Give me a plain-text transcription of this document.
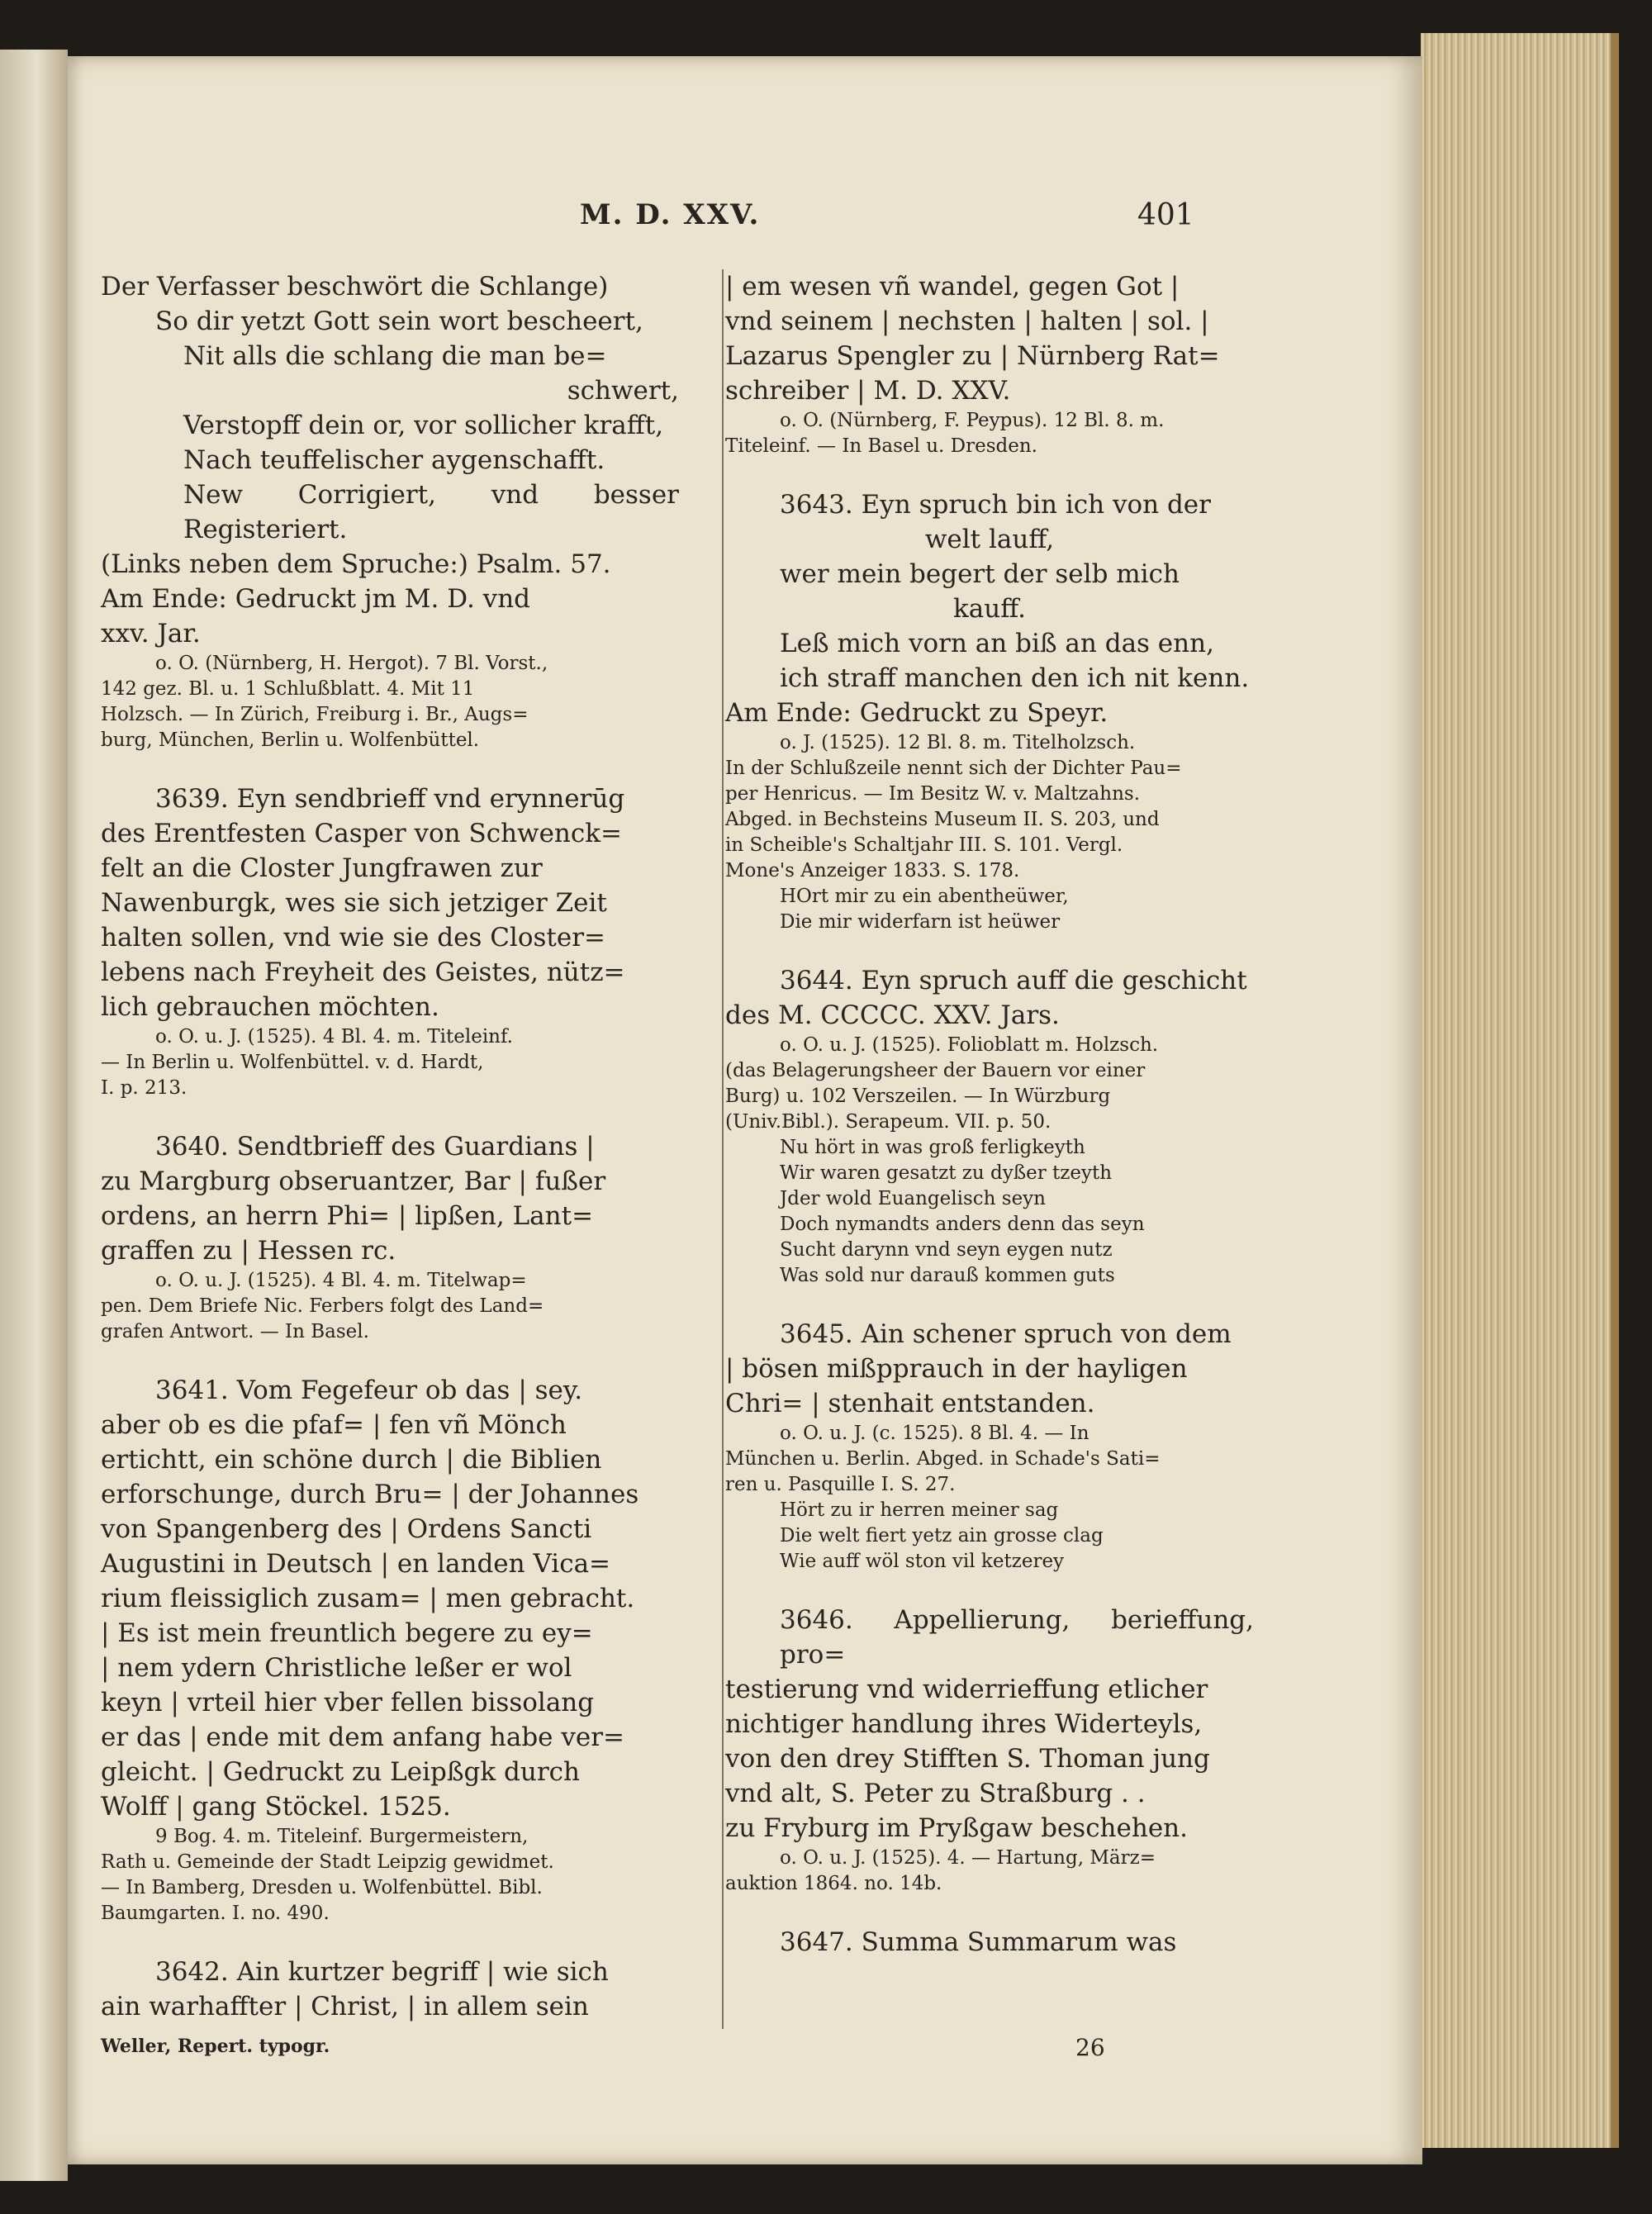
M. D. XXV.	401
Der Verfasser beschwört die Schlange)
So dir yetzt Gott sein wort bescheert,
Nit alls die schlang die man be=
schwert,
Verstopff dein or, vor sollicher krafft,
Nach teuffelischer aygenschafft.
New Corrigiert, vnd besser Registeriert.
(Links neben dem Spruche:) Psalm. 57.
Am Ende: Gedruckt jm M. D. vnd
xxv. Jar.
o. O. (Nürnberg, H. Hergot). 7 Bl. Vorst.,
142 gez. Bl. u. 1 Schlußblatt. 4. Mit 11
Holzsch. — In Zürich, Freiburg i. Br., Augs=
burg, München, Berlin u. Wolfenbüttel.
3639. Eyn sendbrieff vnd erynnerūg
des Erentfesten Casper von Schwenck=
felt an die Closter Jungfrawen zur
Nawenburgk, wes sie sich jetziger Zeit
halten sollen, vnd wie sie des Closter=
lebens nach Freyheit des Geistes, nütz=
lich gebrauchen möchten.
o. O. u. J. (1525). 4 Bl. 4. m. Titeleinf.
— In Berlin u. Wolfenbüttel. v. d. Hardt,
I. p. 213.
3640. Sendtbrieff des Guardians |
zu Margburg obseruantzer, Bar | fußer
ordens, an herrn Phi= | lipßen, Lant=
graffen zu | Hessen rc.
o. O. u. J. (1525). 4 Bl. 4. m. Titelwap=
pen. Dem Briefe Nic. Ferbers folgt des Land=
grafen Antwort. — In Basel.
3641. Vom Fegefeur ob das | sey.
aber ob es die pfaf= | fen vñ Mönch
ertichtt, ein schöne durch | die Biblien
erforschunge, durch Bru= | der Johannes
von Spangenberg des | Ordens Sancti
Augustini in Deutsch | en landen Vica=
rium fleissiglich zusam= | men gebracht.
| Es ist mein freuntlich begere zu ey=
| nem ydern Christliche leßer er wol
keyn | vrteil hier vber fellen bissolang
er das | ende mit dem anfang habe ver=
gleicht. | Gedruckt zu Leipßgk durch
Wolff | gang Stöckel. 1525.
9 Bog. 4. m. Titeleinf. Burgermeistern,
Rath u. Gemeinde der Stadt Leipzig gewidmet.
— In Bamberg, Dresden u. Wolfenbüttel. Bibl.
Baumgarten. I. no. 490.
3642. Ain kurtzer begriff | wie sich
ain warhaffter | Christ, | in allem sein
| em wesen vñ wandel, gegen Got |
vnd seinem | nechsten | halten | sol. |
Lazarus Spengler zu | Nürnberg Rat=
schreiber | M. D. XXV.
o. O. (Nürnberg, F. Peypus). 12 Bl. 8. m.
Titeleinf. — In Basel u. Dresden.
3643. Eyn spruch bin ich von der
welt lauff,
wer mein begert der selb mich
kauff.
Leß mich vorn an biß an das enn,
ich straff manchen den ich nit kenn.
Am Ende: Gedruckt zu Speyr.
o. J. (1525). 12 Bl. 8. m. Titelholzsch.
In der Schlußzeile nennt sich der Dichter Pau=
per Henricus. — Im Besitz W. v. Maltzahns.
Abged. in Bechsteins Museum II. S. 203, und
in Scheible's Schaltjahr III. S. 101. Vergl.
Mone's Anzeiger 1833. S. 178.
HOrt mir zu ein abentheüwer,
Die mir widerfarn ist heüwer
3644. Eyn spruch auff die geschicht
des M. CCCCC. XXV. Jars.
o. O. u. J. (1525). Folioblatt m. Holzsch.
(das Belagerungsheer der Bauern vor einer
Burg) u. 102 Verszeilen. — In Würzburg
(Univ.Bibl.). Serapeum. VII. p. 50.
Nu hört in was groß ferligkeyth
Wir waren gesatzt zu dyßer tzeyth
Jder wold Euangelisch seyn
Doch nymandts anders denn das seyn
Sucht darynn vnd seyn eygen nutz
Was sold nur darauß kommen guts
3645. Ain schener spruch von dem
| bösen mißpprauch in der hayligen
Chri= | stenhait entstanden.
o. O. u. J. (c. 1525). 8 Bl. 4. — In
München u. Berlin. Abged. in Schade's Sati=
ren u. Pasquille I. S. 27.
Hört zu ir herren meiner sag
Die welt fiert yetz ain grosse clag
Wie auff wöl ston vil ketzerey
3646. Appellierung, berieffung, pro=
testierung vnd widerrieffung etlicher
nichtiger handlung ihres Widerteyls,
von den drey Stifften S. Thoman jung
vnd alt, S. Peter zu Straßburg . .
zu Fryburg im Pryßgaw beschehen.
o. O. u. J. (1525). 4. — Hartung, März=
auktion 1864. no. 14b.
3647. Summa Summarum was
Weller, Repert. typogr.	26
